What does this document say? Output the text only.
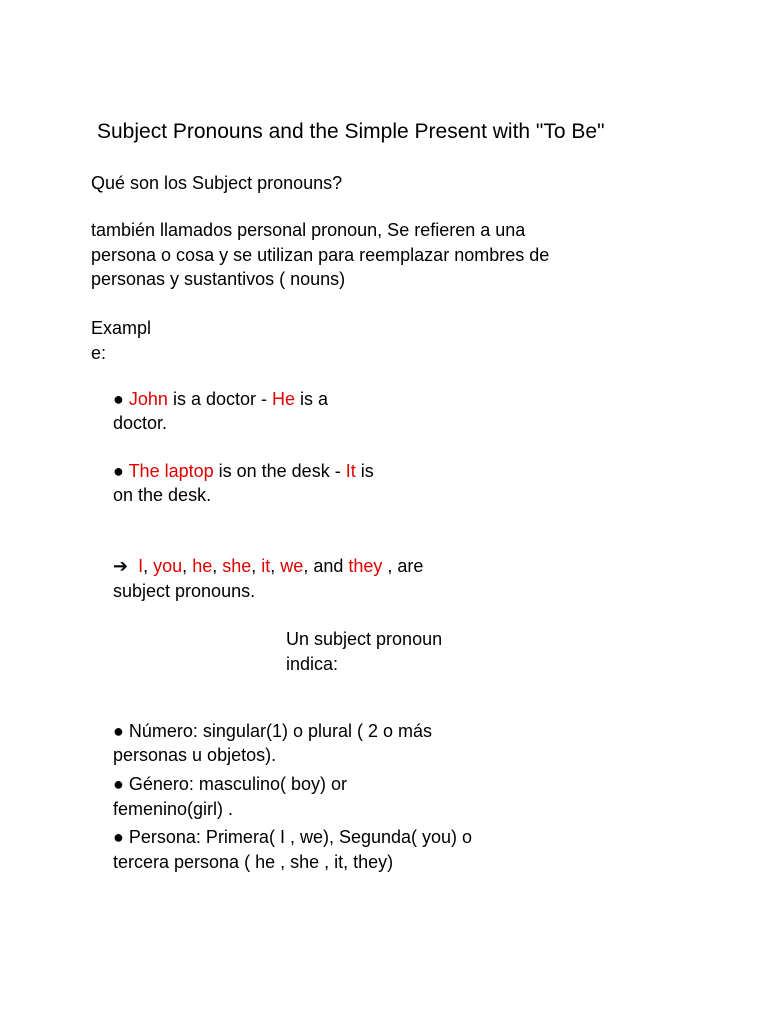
Subject Pronouns and the Simple Present with "To Be"

Qué son los Subject pronouns?

también llamados personal pronoun, Se refieren a una

persona o cosa y se utilizan para reemplazar nombres de

personas y sustantivos ( nouns)

Exampl

e:

● John is a doctor - He is a

doctor.

● The laptop is on the desk - It is

on the desk.

➔ I, you, he, she, it, we, and they , are

subject pronouns.

Un subject pronoun

indica:

● Número: singular(1) o plural ( 2 o más

personas u objetos).

● Género: masculino( boy) or

femenino(girl) .

● Persona: Primera( I , we), Segunda( you) o

tercera persona ( he , she , it, they)
